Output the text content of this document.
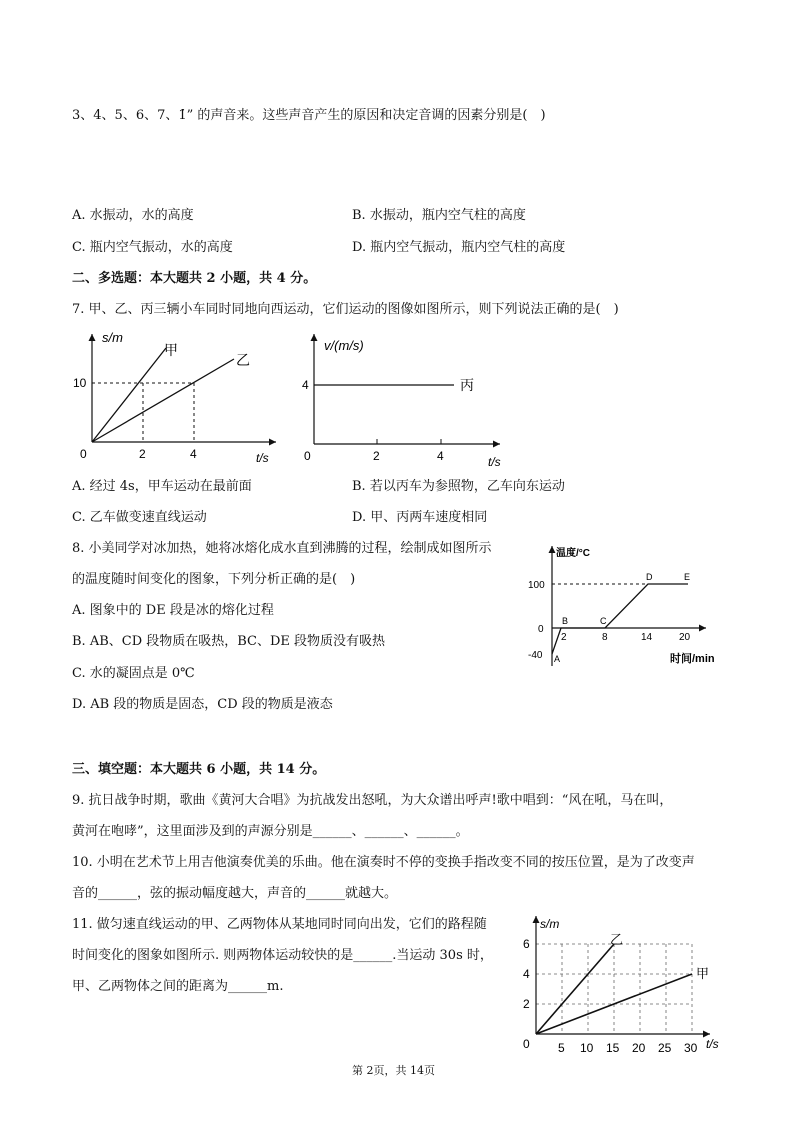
3、4、5、6、7、1̇” 的声音来。这些声音产生的原因和决定音调的因素分别是(　)
A. 水振动，水的高度	B. 水振动，瓶内空气柱的高度
C. 瓶内空气振动，水的高度	D. 瓶内空气振动，瓶内空气柱的高度
二、多选题：本大题共 2 小题，共 4 分。
7. 甲、乙、丙三辆小车同时同地向西运动，它们运动的图像如图所示，则下列说法正确的是(　)
s/m
t/s
0	2	4
10
甲
乙
v/(m/s)
t/s
0	2	4
4	丙
A. 经过 4s，甲车运动在最前面	B. 若以丙车为参照物，乙车向东运动
C. 乙车做变速直线运动	D. 甲、丙两车速度相同
8. 小美同学对冰加热，她将冰熔化成水直到沸腾的过程，绘制成如图所示
的温度随时间变化的图象，下列分析正确的是(　)
A. 图象中的 DE 段是冰的熔化过程
B. AB、CD 段物质在吸热，BC、DE 段物质没有吸热
C. 水的凝固点是 0℃
D. AB 段的物质是固态，CD 段的物质是液态
温度/°C
时间/min
100
0
-40
2	8	14	20
A
B	C
D	E
三、填空题：本大题共 6 小题，共 14 分。
9. 抗日战争时期，歌曲《黄河大合唱》为抗战发出怒吼，为大众谱出呼声!歌中唱到：“风在吼，马在叫，
黄河在咆哮”，这里面涉及到的声源分别是______、______、______。
10. 小明在艺术节上用吉他演奏优美的乐曲。他在演奏时不停的变换手指改变不同的按压位置，是为了改变声
音的______，弦的振动幅度越大，声音的______就越大。
11. 做匀速直线运动的甲、乙两物体从某地同时同向出发，它们的路程随
时间变化的图象如图所示. 则两物体运动较快的是______.当运动 30s 时，
甲、乙两物体之间的距离为______m.
s/m
t/s
6
4
2
0 5 10 15 20 25 30
乙
甲
第 2页，共 14页
